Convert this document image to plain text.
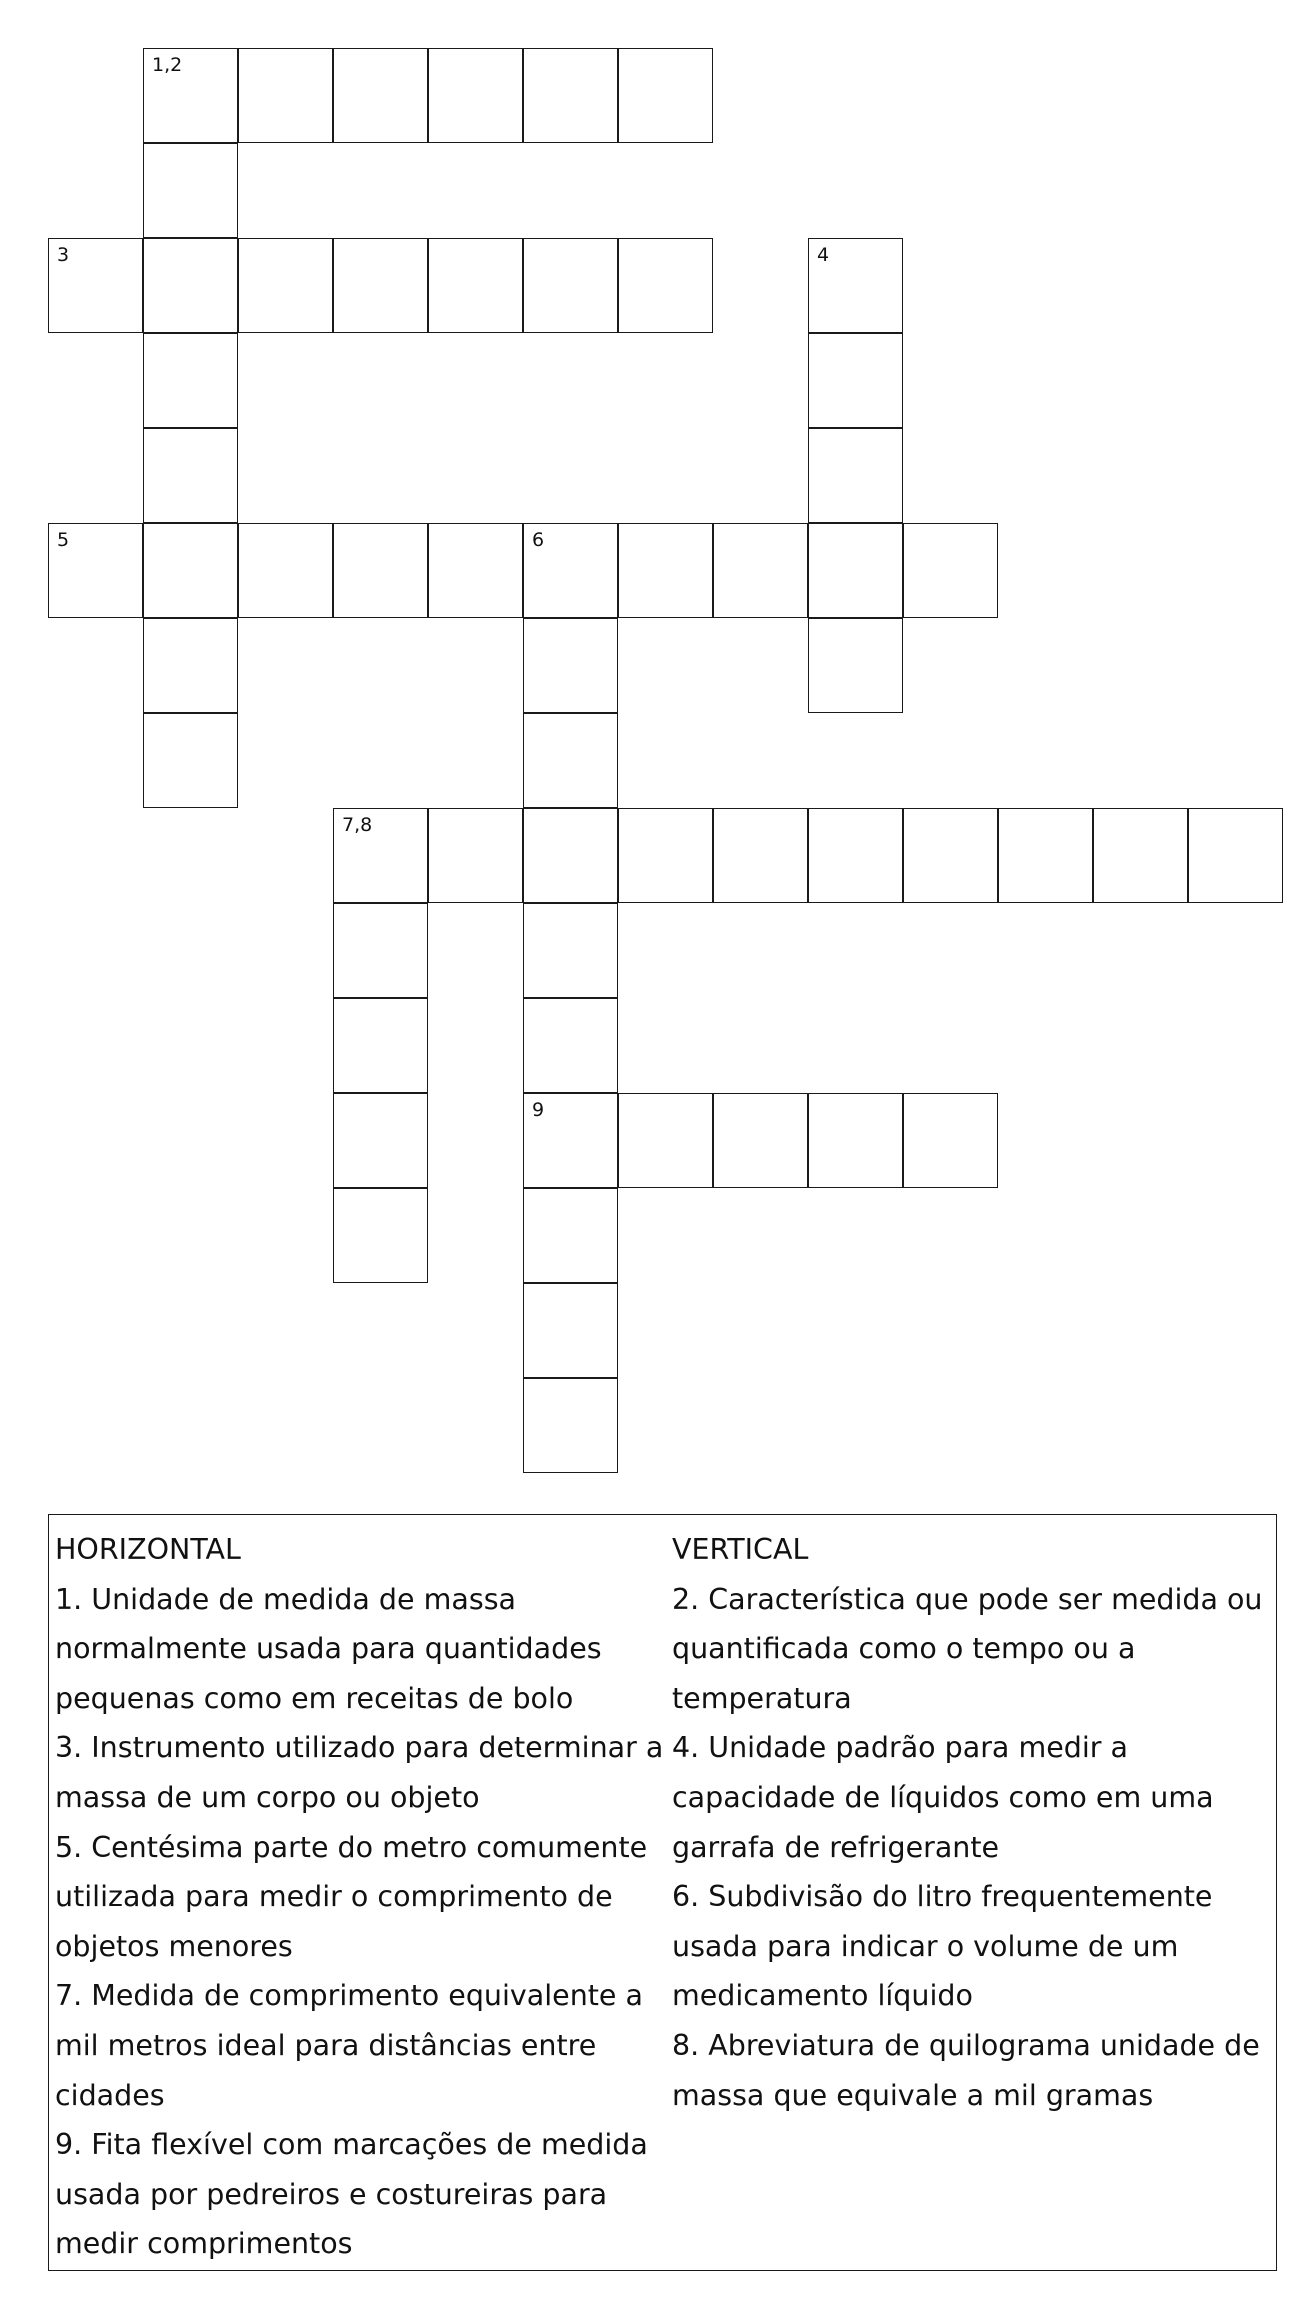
1,2
3	4
5	6
7,8
9

HORIZONTAL

1. Unidade de medida de massa normalmente usada para quantidades pequenas como em receitas de bolo

3. Instrumento utilizado para determinar a massa de um corpo ou objeto

5. Centésima parte do metro comumente utilizada para medir o comprimento de objetos menores

7. Medida de comprimento equivalente a mil metros ideal para distâncias entre cidades

9. Fita flexível com marcações de medida usada por pedreiros e costureiras para medir comprimentos

VERTICAL

2. Característica que pode ser medida ou quantificada como o tempo ou a temperatura

4. Unidade padrão para medir a capacidade de líquidos como em uma garrafa de refrigerante

6. Subdivisão do litro frequentemente usada para indicar o volume de um medicamento líquido

8. Abreviatura de quilograma unidade de massa que equivale a mil gramas
